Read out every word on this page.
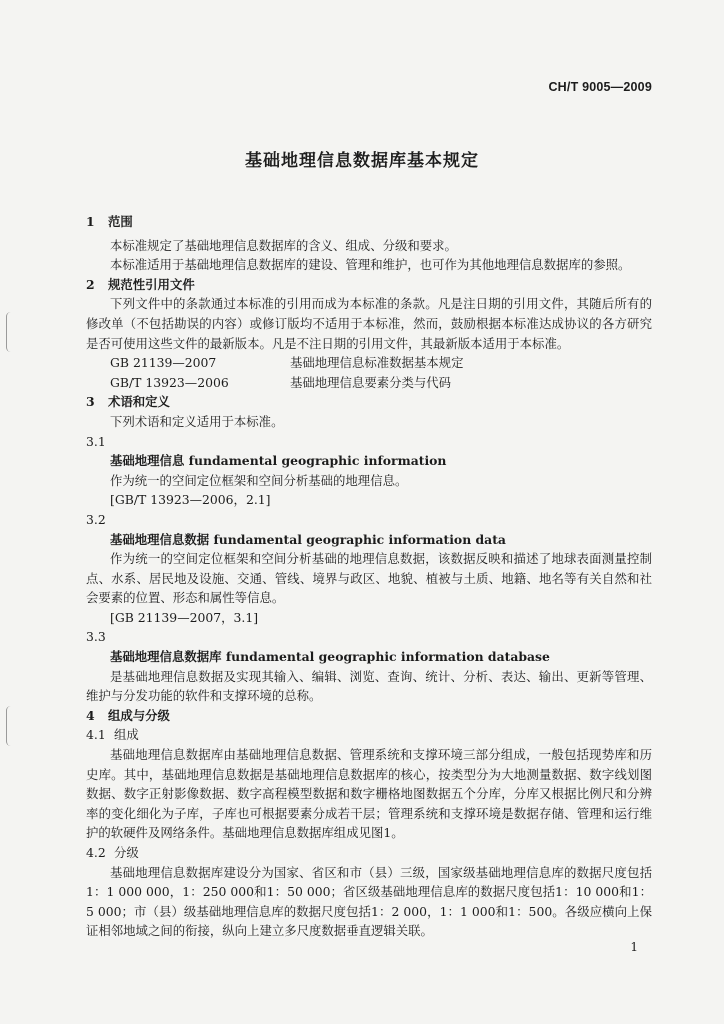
CH/T 9005—2009
基础地理信息数据库基本规定
1 范围
本标准规定了基础地理信息数据库的含义、组成、分级和要求。
本标准适用于基础地理信息数据库的建设、管理和维护，也可作为其他地理信息数据库的参照。
2 规范性引用文件
下列文件中的条款通过本标准的引用而成为本标准的条款。凡是注日期的引用文件，其随后所有的修改单（不包括勘误的内容）或修订版均不适用于本标准，然而，鼓励根据本标准达成协议的各方研究是否可使用这些文件的最新版本。凡是不注日期的引用文件，其最新版本适用于本标准。
GB 21139—2007	基础地理信息标准数据基本规定
GB/T 13923—2006	基础地理信息要素分类与代码
3 术语和定义
下列术语和定义适用于本标准。
3.1
基础地理信息 fundamental geographic information
作为统一的空间定位框架和空间分析基础的地理信息。
[GB/T 13923—2006，2.1]
3.2
基础地理信息数据 fundamental geographic information data
作为统一的空间定位框架和空间分析基础的地理信息数据，该数据反映和描述了地球表面测量控制点、水系、居民地及设施、交通、管线、境界与政区、地貌、植被与土质、地籍、地名等有关自然和社会要素的位置、形态和属性等信息。
[GB 21139—2007，3.1]
3.3
基础地理信息数据库 fundamental geographic information database
是基础地理信息数据及实现其输入、编辑、浏览、查询、统计、分析、表达、输出、更新等管理、维护与分发功能的软件和支撑环境的总称。
4 组成与分级
4.1 组成
基础地理信息数据库由基础地理信息数据、管理系统和支撑环境三部分组成，一般包括现势库和历史库。其中，基础地理信息数据是基础地理信息数据库的核心，按类型分为大地测量数据、数字线划图数据、数字正射影像数据、数字高程模型数据和数字栅格地图数据五个分库，分库又根据比例尺和分辨率的变化细化为子库，子库也可根据要素分成若干层；管理系统和支撑环境是数据存储、管理和运行维护的软硬件及网络条件。基础地理信息数据库组成见图1。
4.2 分级
基础地理信息数据库建设分为国家、省区和市（县）三级，国家级基础地理信息库的数据尺度包括1：1 000 000，1：250 000和1：50 000；省区级基础地理信息库的数据尺度包括1：10 000和1：5 000；市（县）级基础地理信息库的数据尺度包括1：2 000，1：1 000和1：500。各级应横向上保证相邻地域之间的衔接，纵向上建立多尺度数据垂直逻辑关联。
1
